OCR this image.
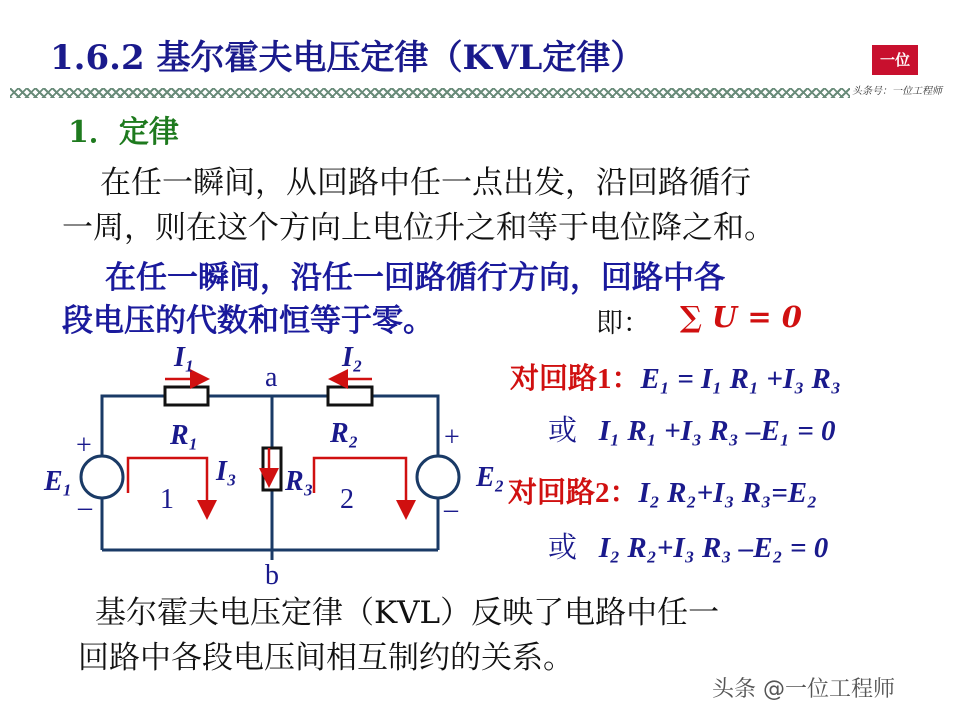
1.6.2 基尔霍夫电压定律（KVL定律）	一位
头条号：一位工程师
1．定律
在任一瞬间，从回路中任一点出发，沿回路循行
一周，则在这个方向上电位升之和等于电位降之和。
在任一瞬间，沿任一回路循行方向，回路中各
段电压的代数和恒等于零。	即： ∑ U = 0
对回路1：E₁ = I₁ R₁ +I₃ R₃
或 I₁ R₁ +I₃ R₃ –E₁ = 0
对回路2：I₂ R₂+I₃ R₃=E₂
或 I₂ R₂+I₃ R₃ –E₂ = 0
I₁	I₂
a
R₁	R₂
I₃ R₃
1	2
E₁	E₂
+
–
+
–
b
基尔霍夫电压定律（KVL）反映了电路中任一
回路中各段电压间相互制约的关系。
头条 @一位工程师
